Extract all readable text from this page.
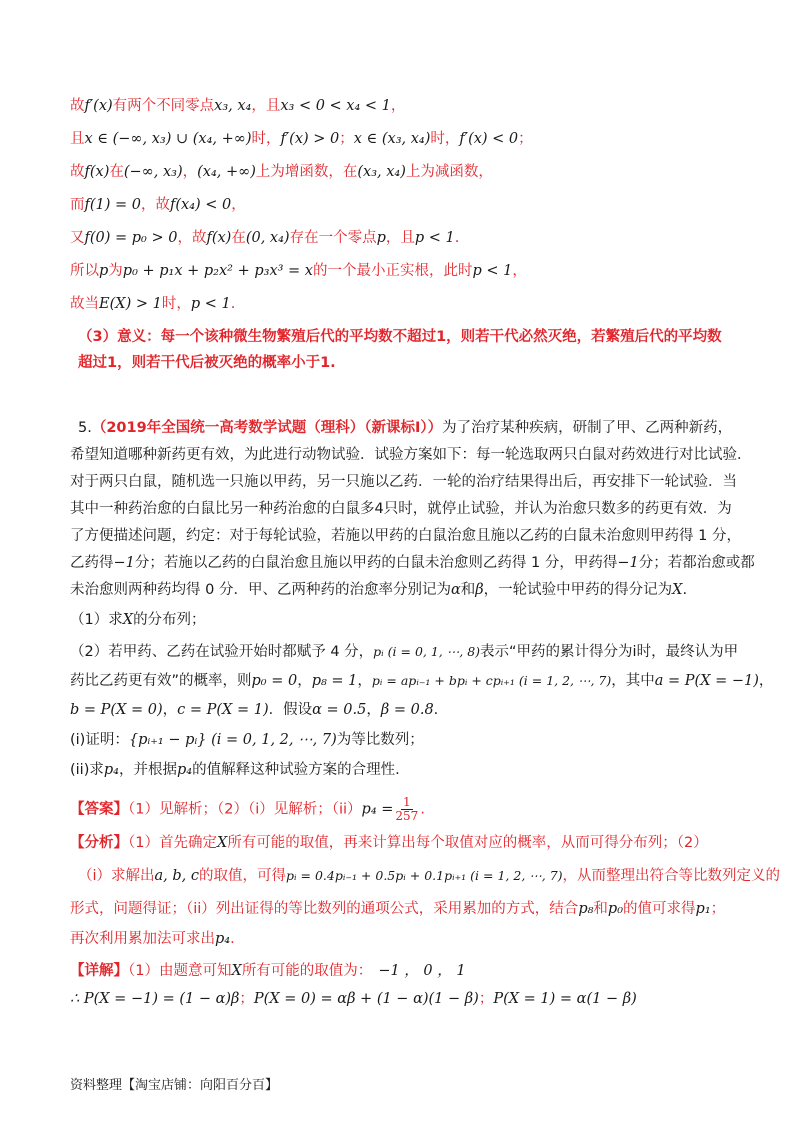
故f′(x)有两个不同零点x₃, x₄，且x₃ < 0 < x₄ < 1，

且x ∈ (−∞, x₃) ∪ (x₄, +∞)时，f′(x) > 0；x ∈ (x₃, x₄)时，f′(x) < 0；

故f(x)在(−∞, x₃)，(x₄, +∞)上为增函数，在(x₃, x₄)上为减函数，

而f(1) = 0，故f(x₄) < 0，

又f(0) = p₀ > 0，故f(x)在(0, x₄)存在一个零点p，且p < 1.

所以p为p₀ + p₁x + p₂x² + p₃x³ = x的一个最小正实根，此时p < 1，

故当E(X) > 1时，p < 1.

（3）意义：每一个该种微生物繁殖后代的平均数不超过1，则若干代必然灭绝，若繁殖后代的平均数超过1，则若干代后被灭绝的概率小于1.

5.（2019年全国统一高考数学试题（理科）（新课标Ⅰ））为了治疗某种疾病，研制了甲、乙两种新药，

希望知道哪种新药更有效，为此进行动物试验．试验方案如下：每一轮选取两只白鼠对药效进行对比试验．

对于两只白鼠，随机选一只施以甲药，另一只施以乙药．一轮的治疗结果得出后，再安排下一轮试验．当

其中一种药治愈的白鼠比另一种药治愈的白鼠多4只时，就停止试验，并认为治愈只数多的药更有效．为

了方便描述问题，约定：对于每轮试验，若施以甲药的白鼠治愈且施以乙药的白鼠未治愈则甲药得 1 分，

乙药得−1分；若施以乙药的白鼠治愈且施以甲药的白鼠未治愈则乙药得 1 分，甲药得−1分；若都治愈或都

未治愈则两种药均得 0 分．甲、乙两种药的治愈率分别记为α和β，一轮试验中甲药的得分记为X.

（1）求X的分布列；

（2）若甲药、乙药在试验开始时都赋予 4 分，pᵢ (i = 0, 1, ⋯, 8)表示“甲药的累计得分为i时，最终认为甲

药比乙药更有效”的概率，则p₀ = 0，p₈ = 1，pᵢ = apᵢ₋₁ + bpᵢ + cpᵢ₊₁ (i = 1, 2, ⋯, 7)，其中a = P(X = −1)，

b = P(X = 0)，c = P(X = 1)．假设α = 0.5，β = 0.8.

(i)证明：{pᵢ₊₁ − pᵢ} (i = 0, 1, 2, ⋯, 7)为等比数列；

(ii)求p₄，并根据p₄的值解释这种试验方案的合理性.

【答案】（1）见解析；（2）（i）见解析；$(ii)p_4 = \frac{1}{257}$ .

【分析】（1）首先确定X所有可能的取值，再来计算出每个取值对应的概率，从而可得分布列；（2）

（i）求解出a, b, c的取值，可得pᵢ = 0.4pᵢ₋₁ + 0.5pᵢ + 0.1pᵢ₊₁ (i = 1, 2, ⋯, 7)，从而整理出符合等比数列定义的

形式，问题得证；（ii）列出证得的等比数列的通项公式，采用累加的方式，结合p₈和p₀的值可求得p₁；

再次利用累加法可求出p₄.

【详解】（1）由题意可知X所有可能的取值为： −1 ， 0 ， 1

∴ P(X = −1) = (1 − α)β；P(X = 0) = αβ + (1 − α)(1 − β)；P(X = 1) = α(1 − β)

资料整理【淘宝店铺：向阳百分百】
